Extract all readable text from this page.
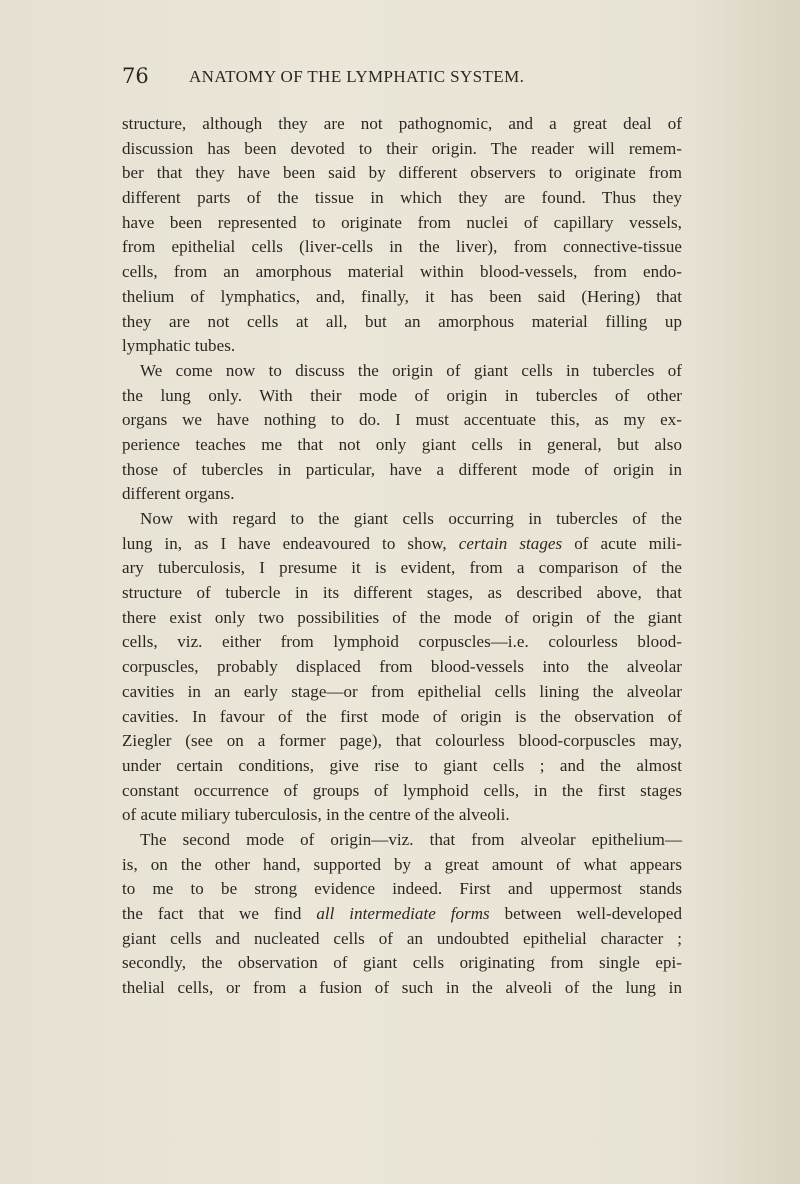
76 ANATOMY OF THE LYMPHATIC SYSTEM.
structure, although they are not pathognomic, and a great deal of
discussion has been devoted to their origin. The reader will remem-
ber that they have been said by different observers to originate from
different parts of the tissue in which they are found. Thus they
have been represented to originate from nuclei of capillary vessels,
from epithelial cells (liver-cells in the liver), from connective-tissue
cells, from an amorphous material within blood-vessels, from endo-
thelium of lymphatics, and, finally, it has been said (Hering) that
they are not cells at all, but an amorphous material filling up
lymphatic tubes.
We come now to discuss the origin of giant cells in tubercles of
the lung only. With their mode of origin in tubercles of other
organs we have nothing to do. I must accentuate this, as my ex-
perience teaches me that not only giant cells in general, but also
those of tubercles in particular, have a different mode of origin in
different organs.
Now with regard to the giant cells occurring in tubercles of the
lung in, as I have endeavoured to show, certain stages of acute mili-
ary tuberculosis, I presume it is evident, from a comparison of the
structure of tubercle in its different stages, as described above, that
there exist only two possibilities of the mode of origin of the giant
cells, viz. either from lymphoid corpuscles—i.e. colourless blood-
corpuscles, probably displaced from blood-vessels into the alveolar
cavities in an early stage—or from epithelial cells lining the alveolar
cavities. In favour of the first mode of origin is the observation of
Ziegler (see on a former page), that colourless blood-corpuscles may,
under certain conditions, give rise to giant cells ; and the almost
constant occurrence of groups of lymphoid cells, in the first stages
of acute miliary tuberculosis, in the centre of the alveoli.
The second mode of origin—viz. that from alveolar epithelium—
is, on the other hand, supported by a great amount of what appears
to me to be strong evidence indeed. First and uppermost stands
the fact that we find all intermediate forms between well-developed
giant cells and nucleated cells of an undoubted epithelial character ;
secondly, the observation of giant cells originating from single epi-
thelial cells, or from a fusion of such in the alveoli of the lung in
